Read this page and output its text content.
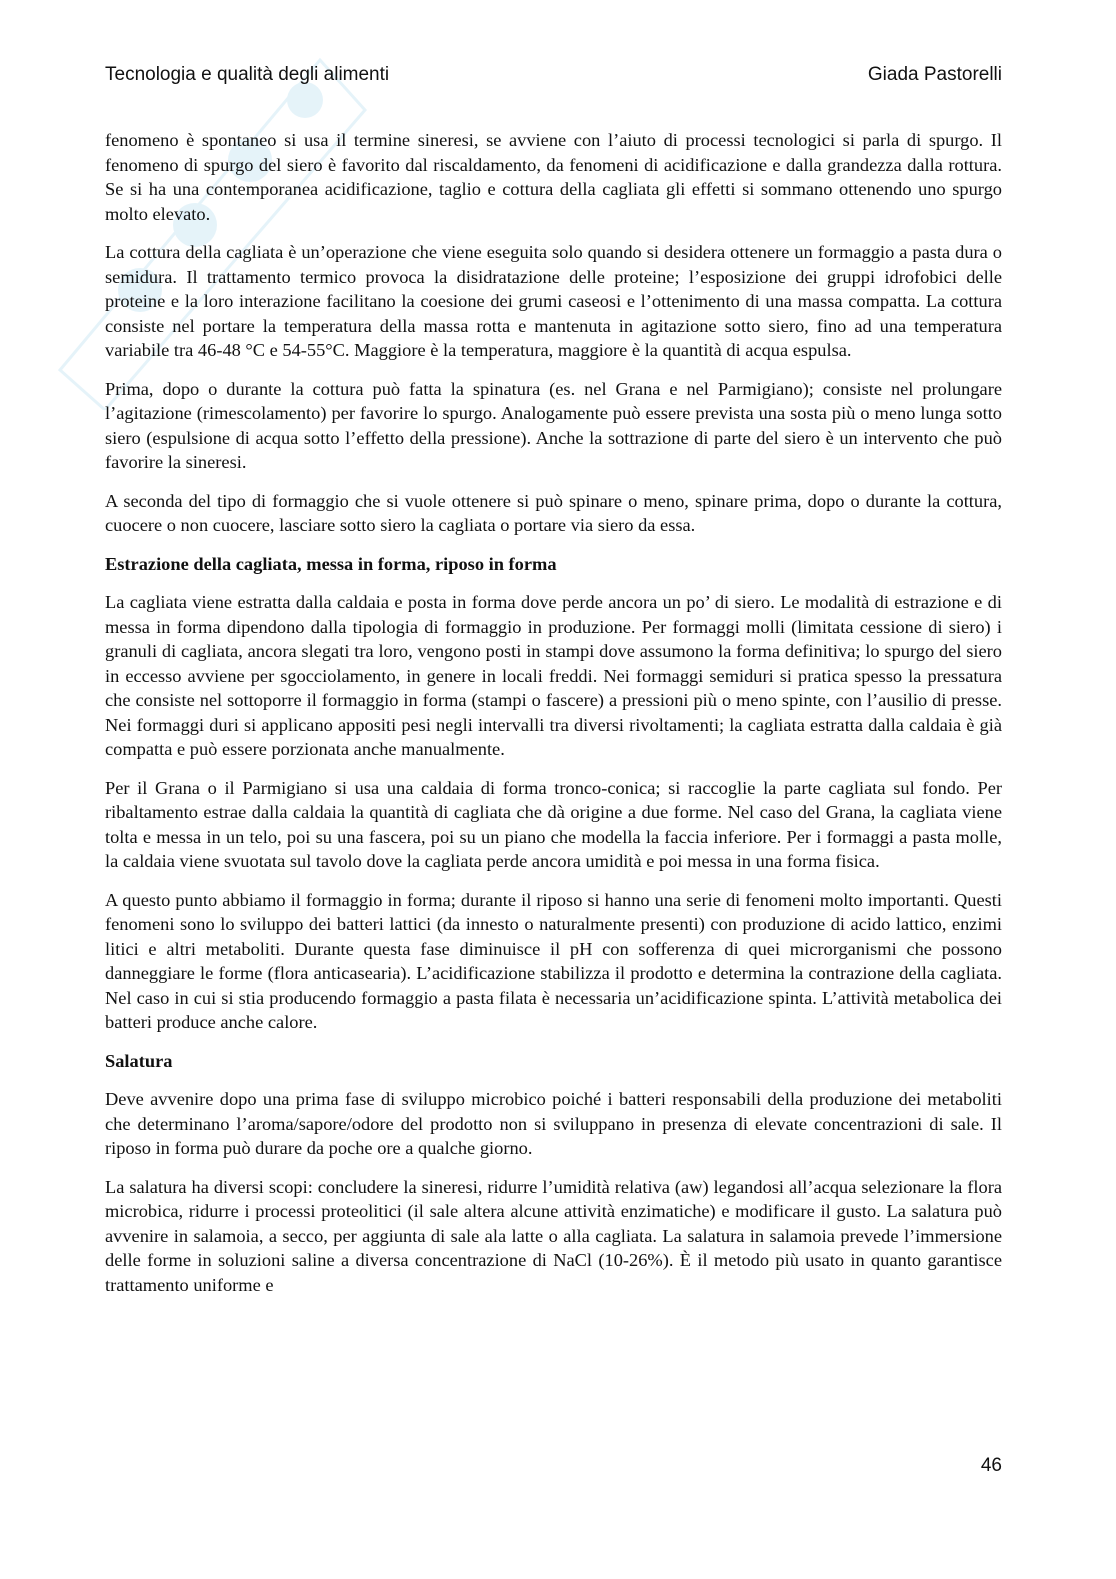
Tecnologia e qualità degli alimenti	Giada Pastorelli

fenomeno è spontaneo si usa il termine sineresi, se avviene con l’aiuto di processi tecnologici si parla di spurgo. Il fenomeno di spurgo del siero è favorito dal riscaldamento, da fenomeni di acidificazione e dalla grandezza dalla rottura. Se si ha una contemporanea acidificazione, taglio e cottura della cagliata gli effetti si sommano ottenendo uno spurgo molto elevato.

La cottura della cagliata è un’operazione che viene eseguita solo quando si desidera ottenere un formaggio a pasta dura o semidura. Il trattamento termico provoca la disidratazione delle proteine; l’esposizione dei gruppi idrofobici delle proteine e la loro interazione facilitano la coesione dei grumi caseosi e l’ottenimento di una massa compatta. La cottura consiste nel portare la temperatura della massa rotta e mantenuta in agitazione sotto siero, fino ad una temperatura variabile tra 46-48 °C e 54-55°C. Maggiore è la temperatura, maggiore è la quantità di acqua espulsa.

Prima, dopo o durante la cottura può fatta la spinatura (es. nel Grana e nel Parmigiano); consiste nel prolungare l’agitazione (rimescolamento) per favorire lo spurgo. Analogamente può essere prevista una sosta più o meno lunga sotto siero (espulsione di acqua sotto l’effetto della pressione). Anche la sottrazione di parte del siero è un intervento che può favorire la sineresi.

A seconda del tipo di formaggio che si vuole ottenere si può spinare o meno, spinare prima, dopo o durante la cottura, cuocere o non cuocere, lasciare sotto siero la cagliata o portare via siero da essa.

Estrazione della cagliata, messa in forma, riposo in forma

La cagliata viene estratta dalla caldaia e posta in forma dove perde ancora un po’ di siero. Le modalità di estrazione e di messa in forma dipendono dalla tipologia di formaggio in produzione. Per formaggi molli (limitata cessione di siero) i granuli di cagliata, ancora slegati tra loro, vengono posti in stampi dove assumono la forma definitiva; lo spurgo del siero in eccesso avviene per sgocciolamento, in genere in locali freddi. Nei formaggi semiduri si pratica spesso la pressatura che consiste nel sottoporre il formaggio in forma (stampi o fascere) a pressioni più o meno spinte, con l’ausilio di presse. Nei formaggi duri si applicano appositi pesi negli intervalli tra diversi rivoltamenti; la cagliata estratta dalla caldaia è già compatta e può essere porzionata anche manualmente.

Per il Grana o il Parmigiano si usa una caldaia di forma tronco-conica; si raccoglie la parte cagliata sul fondo. Per ribaltamento estrae dalla caldaia la quantità di cagliata che dà origine a due forme. Nel caso del Grana, la cagliata viene tolta e messa in un telo, poi su una fascera, poi su un piano che modella la faccia inferiore. Per i formaggi a pasta molle, la caldaia viene svuotata sul tavolo dove la cagliata perde ancora umidità e poi messa in una forma fisica.

A questo punto abbiamo il formaggio in forma; durante il riposo si hanno una serie di fenomeni molto importanti. Questi fenomeni sono lo sviluppo dei batteri lattici (da innesto o naturalmente presenti) con produzione di acido lattico, enzimi litici e altri metaboliti. Durante questa fase diminuisce il pH con sofferenza di quei microrganismi che possono danneggiare le forme (flora anticasearia). L’acidificazione stabilizza il prodotto e determina la contrazione della cagliata. Nel caso in cui si stia producendo formaggio a pasta filata è necessaria un’acidificazione spinta. L’attività metabolica dei batteri produce anche calore.

Salatura

Deve avvenire dopo una prima fase di sviluppo microbico poiché i batteri responsabili della produzione dei metaboliti che determinano l’aroma/sapore/odore del prodotto non si sviluppano in presenza di elevate concentrazioni di sale. Il riposo in forma può durare da poche ore a qualche giorno.

La salatura ha diversi scopi: concludere la sineresi, ridurre l’umidità relativa (aw) legandosi all’acqua selezionare la flora microbica, ridurre i processi proteolitici (il sale altera alcune attività enzimatiche) e modificare il gusto. La salatura può avvenire in salamoia, a secco, per aggiunta di sale ala latte o alla cagliata. La salatura in salamoia prevede l’immersione delle forme in soluzioni saline a diversa concentrazione di NaCl (10-26%). È il metodo più usato in quanto garantisce trattamento uniforme e

46
